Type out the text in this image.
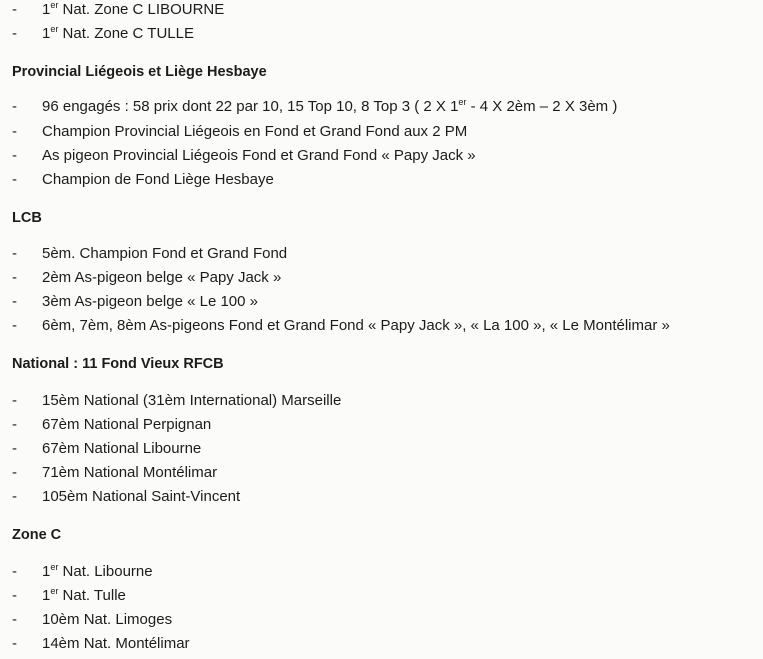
- 1er Nat. Zone C LIBOURNE
- 1er Nat. Zone C TULLE
Provincial Liégeois et Liège Hesbaye
- 96 engagés : 58 prix dont 22 par 10, 15 Top 10, 8 Top 3 ( 2 X 1er - 4 X 2èm – 2 X 3èm )
- Champion Provincial Liégeois en Fond et Grand Fond aux 2 PM
- As pigeon Provincial Liégeois Fond et Grand Fond « Papy Jack »
- Champion de Fond Liège Hesbaye
LCB
- 5èm. Champion Fond et Grand Fond
- 2èm As-pigeon belge « Papy Jack »
- 3èm As-pigeon belge « Le 100 »
- 6èm, 7èm, 8èm As-pigeons Fond et Grand Fond « Papy Jack », « La 100 », « Le Montélimar »
National : 11 Fond Vieux RFCB
- 15èm National (31èm International) Marseille
- 67èm National Perpignan
- 67èm National Libourne
- 71èm National Montélimar
- 105èm National Saint-Vincent
Zone C
- 1er Nat. Libourne
- 1er Nat. Tulle
- 10èm Nat. Limoges
- 14èm Nat. Montélimar
